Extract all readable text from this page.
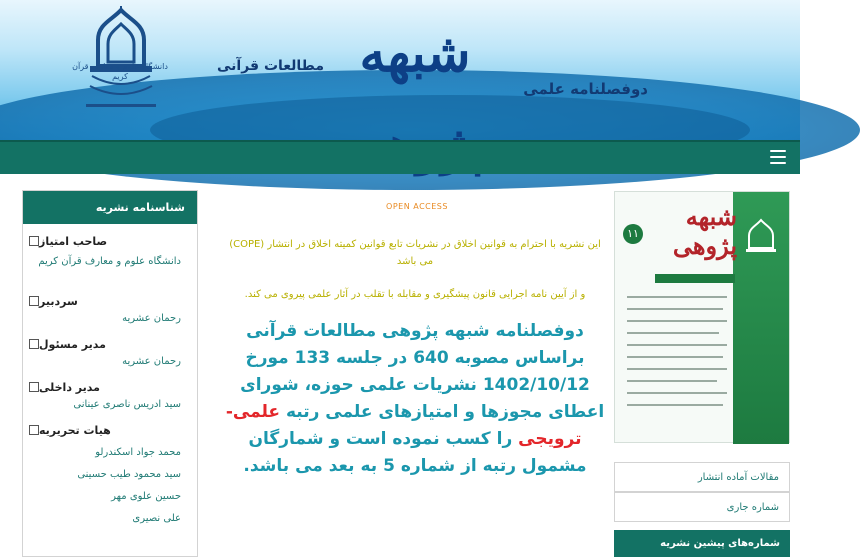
دانشگاه علوم و معارف قرآن کریم
مطالعات قرآنی شبهه
دوفصلنامه علمی
شناسنامه نشریه
صاحب امتیاز
دانشگاه علوم و معارف قرآن کریم
سردبیر
رحمان عشریه
مدیر مسئول
رحمان عشریه
مدیر داخلی
سید ادریس ناصری عینانی
هیات تحریریه
محمد جواد اسکندرلو
سید محمود طیب حسینی
حسین علوی مهر
علی نصیری
OPEN ACCESS
این نشریه با احترام به قوانین اخلاق در نشریات تابع قوانین کمیته اخلاق در انتشار (COPE) می باشد
و از آیین نامه اجرایی قانون پیشگیری و مقابله با تقلب در آثار علمی پیروی می کند.
دوفصلنامه شبهه پژوهی مطالعات قرآنی براساس مصوبه 640 در جلسه 133 مورخ 1402/10/12 نشریات علمی حوزه، شورای اعطای مجوزها و امتیازهای علمی رتبه علمی- ترویجی را کسب نموده است و شمارگان مشمول رتبه از شماره 5 به بعد می باشد.
شبهه پژوهی
۱۱
مقالات آماده انتشار
شماره جاری
شماره‌های پیشین نشریه
